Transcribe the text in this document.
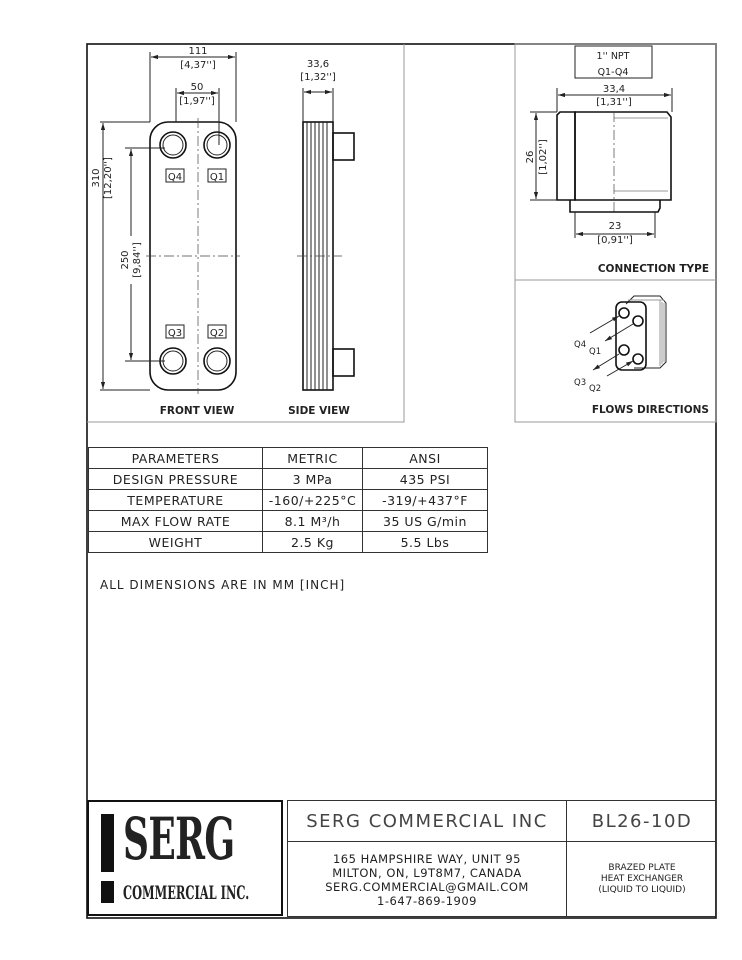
Q4	Q1
Q3	Q2
111
[4,37'']
50
[1,97'']
310 [12,20'']
250 [9,84'']
FRONT VIEW
33,6
[1,32'']
SIDE VIEW
1'' NPT
Q1-Q4
33,4
[1,31'']
26 [1,02'']
23
[0,91'']
CONNECTION TYPE
Q4
Q1
Q3
Q2
FLOWS DIRECTIONS
PARAMETERS	METRIC	ANSI
DESIGN PRESSURE	3 MPa	435 PSI
TEMPERATURE	-160/+225°C	-319/+437°F
MAX FLOW RATE	8.1 M³/h	35 US G/min
WEIGHT	2.5 Kg	5.5 Lbs
ALL DIMENSIONS ARE IN MM [INCH]
SERG
COMMERCIAL INC.
SERG COMMERCIAL INC	BL26-10D
165 HAMPSHIRE WAY, UNIT 95
MILTON, ON, L9T8M7, CANADA
SERG.COMMERCIAL@GMAIL.COM
1-647-869-1909
BRAZED PLATE
HEAT EXCHANGER
(LIQUID TO LIQUID)
